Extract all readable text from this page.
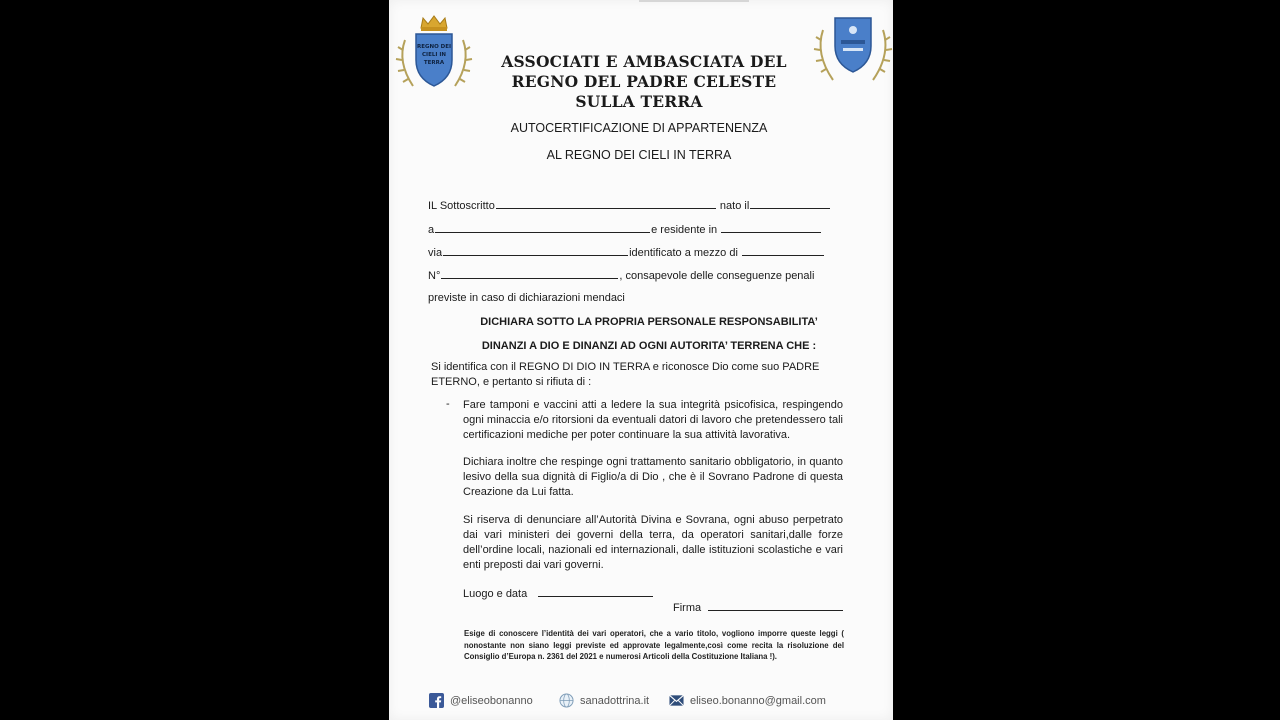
REGNO DEI
CIELI IN
TERRA	ASSOCIATI E AMBASCIATA DEL
REGNO DEL PADRE CELESTE
SULLA TERRA
AUTOCERTIFICAZIONE DI APPARTENENZA
AL REGNO DEI CIELI IN TERRA
IL Sottoscritto	nato il
a	e residente in
via	identificato a mezzo di
N°	, consapevole delle conseguenze penali
previste in caso di dichiarazioni mendaci
DICHIARA SOTTO LA PROPRIA PERSONALE RESPONSABILITA’
DINANZI A DIO E DINANZI AD OGNI AUTORITA’ TERRENA CHE :
Si identifica con il REGNO DI DIO IN TERRA e riconosce Dio come suo PADRE ETERNO, e pertanto si rifiuta di :
- Fare tamponi e vaccini atti a ledere la sua integrità psicofisica, respingendo ogni minaccia e/o ritorsioni da eventuali datori di lavoro che pretendessero tali certificazioni mediche per poter continuare la sua attività lavorativa.
Dichiara inoltre che respinge ogni trattamento sanitario obbligatorio, in quanto lesivo della sua dignità di Figlio/a di Dio , che è il Sovrano Padrone di questa Creazione da Lui fatta.
Si riserva di denunciare all’Autorità Divina e Sovrana, ogni abuso perpetrato dai vari ministeri dei governi della terra, da operatori sanitari,dalle forze dell’ordine locali, nazionali ed internazionali, dalle istituzioni scolastiche e vari enti preposti dai vari governi.
Luogo e data
Firma
Esige di conoscere l’identità dei vari operatori, che a vario titolo, vogliono imporre queste leggi ( nonostante non siano leggi previste ed approvate legalmente,così come recita la risoluzione del Consiglio d’Europa n. 2361 del 2021 e numerosi Articoli della Costituzione Italiana !).
@eliseobonanno	sanadottrina.it	eliseo.bonanno@gmail.com
